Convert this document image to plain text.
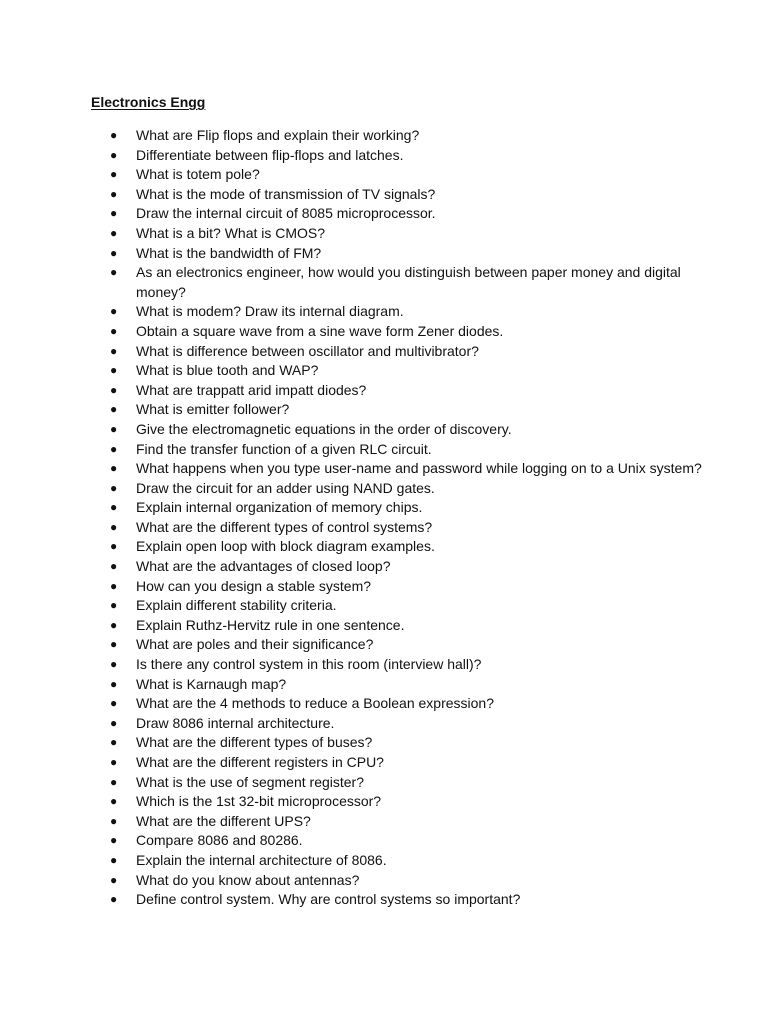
Electronics Engg
● What are Flip flops and explain their working?
● Differentiate between flip-flops and latches.
● What is totem pole?
● What is the mode of transmission of TV signals?
● Draw the internal circuit of 8085 microprocessor.
● What is a bit? What is CMOS?
● What is the bandwidth of FM?
● As an electronics engineer, how would you distinguish between paper money and digital money?
● What is modem? Draw its internal diagram.
● Obtain a square wave from a sine wave form Zener diodes.
● What is difference between oscillator and multivibrator?
● What is blue tooth and WAP?
● What are trappatt arid impatt diodes?
● What is emitter follower?
● Give the electromagnetic equations in the order of discovery.
● Find the transfer function of a given RLC circuit.
● What happens when you type user-name and password while logging on to a Unix system?
● Draw the circuit for an adder using NAND gates.
● Explain internal organization of memory chips.
● What are the different types of control systems?
● Explain open loop with block diagram examples.
● What are the advantages of closed loop?
● How can you design a stable system?
● Explain different stability criteria.
● Explain Ruthz-Hervitz rule in one sentence.
● What are poles and their significance?
● Is there any control system in this room (interview hall)?
● What is Karnaugh map?
● What are the 4 methods to reduce a Boolean expression?
● Draw 8086 internal architecture.
● What are the different types of buses?
● What are the different registers in CPU?
● What is the use of segment register?
● Which is the 1st 32-bit microprocessor?
● What are the different UPS?
● Compare 8086 and 80286.
● Explain the internal architecture of 8086.
● What do you know about antennas?
● Define control system. Why are control systems so important?
